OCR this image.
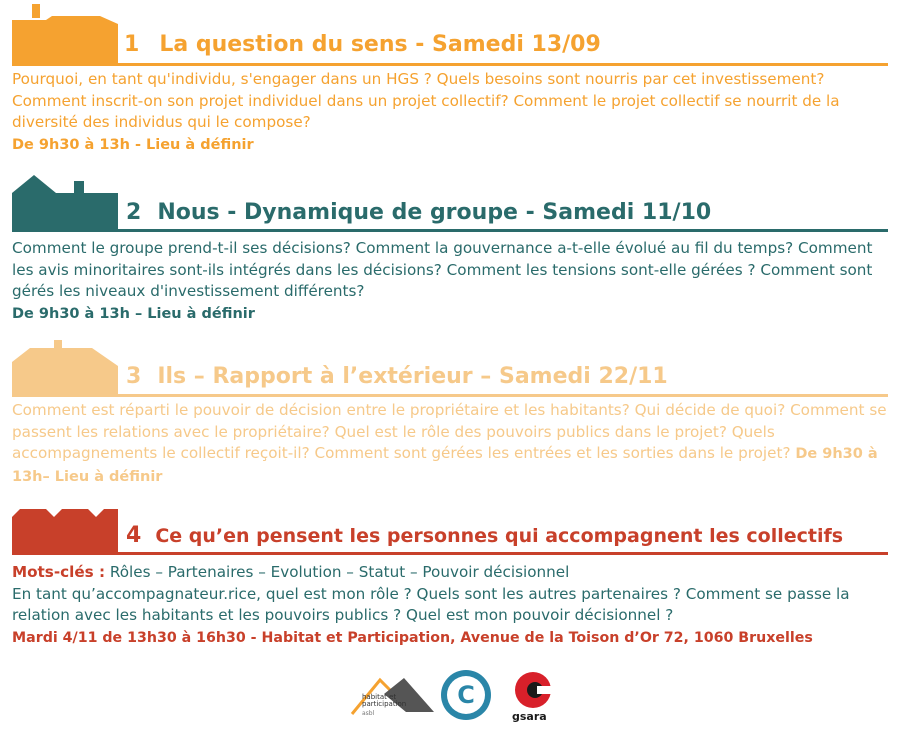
1 La question du sens - Samedi 13/09
Pourquoi, en tant qu'individu, s'engager dans un HGS ? Quels besoins sont nourris par cet investissement? Comment inscrit-on son projet individuel dans un projet collectif? Comment le projet collectif se nourrit de la diversité des individus qui le compose?
De 9h30 à 13h - Lieu à définir
2 Nous - Dynamique de groupe - Samedi 11/10
Comment le groupe prend-t-il ses décisions? Comment la gouvernance a-t-elle évolué au fil du temps? Comment les avis minoritaires sont-ils intégrés dans les décisions? Comment les tensions sont-elle gérées ? Comment sont gérés les niveaux d'investissement différents?
De 9h30 à 13h – Lieu à définir
3 Ils – Rapport à l’extérieur – Samedi 22/11
Comment est réparti le pouvoir de décision entre le propriétaire et les habitants? Qui décide de quoi? Comment se passent les relations avec le propriétaire? Quel est le rôle des pouvoirs publics dans le projet? Quels accompagnements le collectif reçoit-il? Comment sont gérées les entrées et les sorties dans le projet? De 9h30 à 13h– Lieu à définir
4 Ce qu’en pensent les personnes qui accompagnent les collectifs
Mots-clés : Rôles – Partenaires – Evolution – Statut – Pouvoir décisionnel
En tant qu’accompagnateur.rice, quel est mon rôle ? Quels sont les autres partenaires ? Comment se passe la relation avec les habitants et les pouvoirs publics ? Quel est mon pouvoir décisionnel ?
Mardi 4/11 de 13h30 à 16h30 - Habitat et Participation, Avenue de la Toison d’Or 72, 1060 Bruxelles
habitat et participation
asbl
C
gsara
